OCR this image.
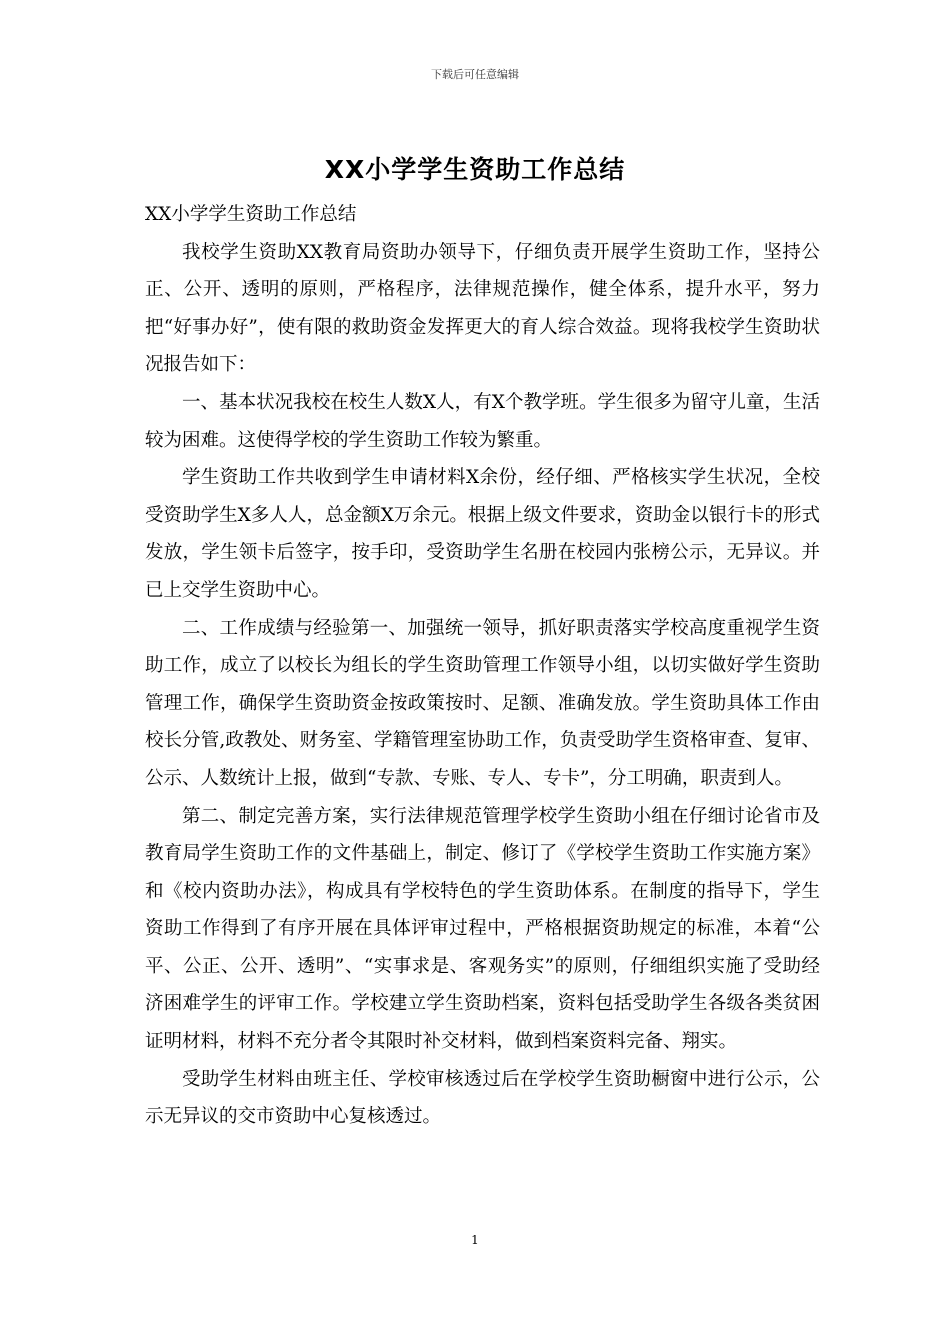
下载后可任意编辑
XX小学学生资助工作总结

XX小学学生资助工作总结

我校学生资助XX教育局资助办领导下，仔细负责开展学生资助工作，坚持公正、公开、透明的原则，严格程序，法律规范操作，健全体系，提升水平，努力把“好事办好”，使有限的救助资金发挥更大的育人综合效益。现将我校学生资助状况报告如下：

一、基本状况我校在校生人数X人，有X个教学班。学生很多为留守儿童，生活较为困难。这使得学校的学生资助工作较为繁重。

学生资助工作共收到学生申请材料X余份，经仔细、严格核实学生状况，全校受资助学生X多人人，总金额X万余元。根据上级文件要求，资助金以银行卡的形式发放，学生领卡后签字，按手印，受资助学生名册在校园内张榜公示，无异议。并已上交学生资助中心。

二、工作成绩与经验第一、加强统一领导，抓好职责落实学校高度重视学生资助工作，成立了以校长为组长的学生资助管理工作领导小组，以切实做好学生资助管理工作，确保学生资助资金按政策按时、足额、准确发放。学生资助具体工作由校长分管,政教处、财务室、学籍管理室协助工作，负责受助学生资格审查、复审、公示、人数统计上报，做到“专款、专账、专人、专卡”，分工明确，职责到人。

第二、制定完善方案，实行法律规范管理学校学生资助小组在仔细讨论省市及教育局学生资助工作的文件基础上，制定、修订了《学校学生资助工作实施方案》和《校内资助办法》，构成具有学校特色的学生资助体系。在制度的指导下，学生资助工作得到了有序开展在具体评审过程中，严格根据资助规定的标准，本着“公平、公正、公开、透明”、“实事求是、客观务实”的原则，仔细组织实施了受助经济困难学生的评审工作。学校建立学生资助档案，资料包括受助学生各级各类贫困证明材料，材料不充分者令其限时补交材料，做到档案资料完备、翔实。

受助学生材料由班主任、学校审核透过后在学校学生资助橱窗中进行公示，公示无异议的交市资助中心复核透过。

1
